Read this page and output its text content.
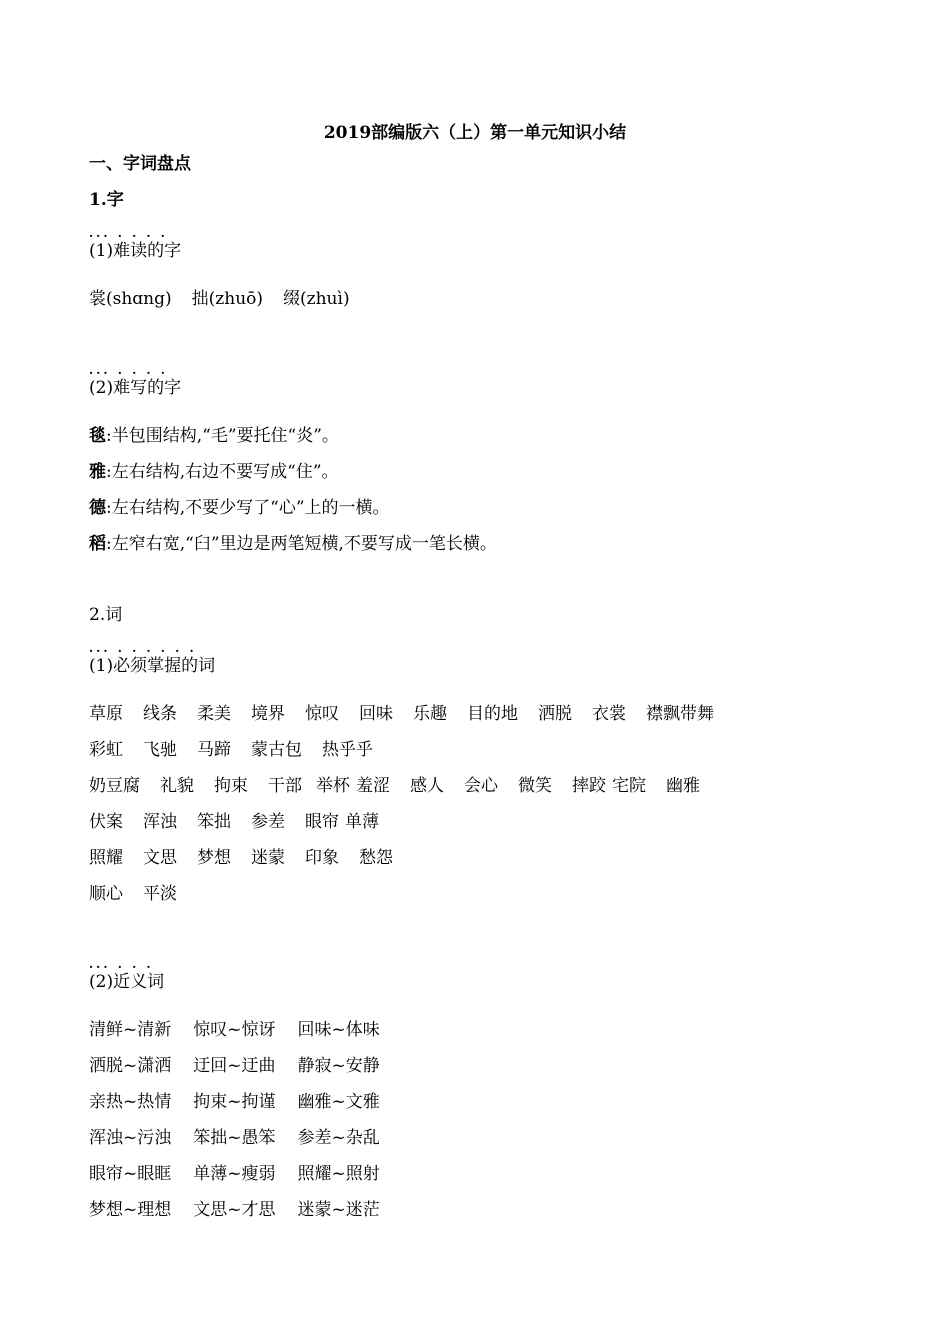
2019部编版六（上）第一单元知识小结
一、字词盘点
1.字
... . . . .
(1)难读的字
裳(shɑng) 拙(zhuō) 缀(zhuì)
... . . . .
(2)难写的字
毯:半包围结构,“毛”要托住“炎”。
雅:左右结构,右边不要写成“住”。
德:左右结构,不要少写了“心”上的一横。
稻:左窄右宽,“臼”里边是两笔短横,不要写成一笔长横。
2.词
... . . . . . .
(1)必须掌握的词
草原 线条 柔美 境界 惊叹 回味 乐趣 目的地 洒脱 衣裳 襟飘带舞
彩虹 飞驰 马蹄 蒙古包 热乎乎
奶豆腐 礼貌 拘束 干部 举杯 羞涩 感人 会心 微笑 摔跤 宅院 幽雅
伏案 浑浊 笨拙 参差 眼帘 单薄
照耀 文思 梦想 迷蒙 印象 愁怨
顺心 平淡
... . . .
(2)近义词
清鲜~清新 惊叹~惊讶 回味~体味
洒脱~潇洒 迂回~迂曲 静寂~安静
亲热~热情 拘束~拘谨 幽雅~文雅
浑浊~污浊 笨拙~愚笨 参差~杂乱
眼帘~眼眶 单薄~瘦弱 照耀~照射
梦想~理想 文思~才思 迷蒙~迷茫
